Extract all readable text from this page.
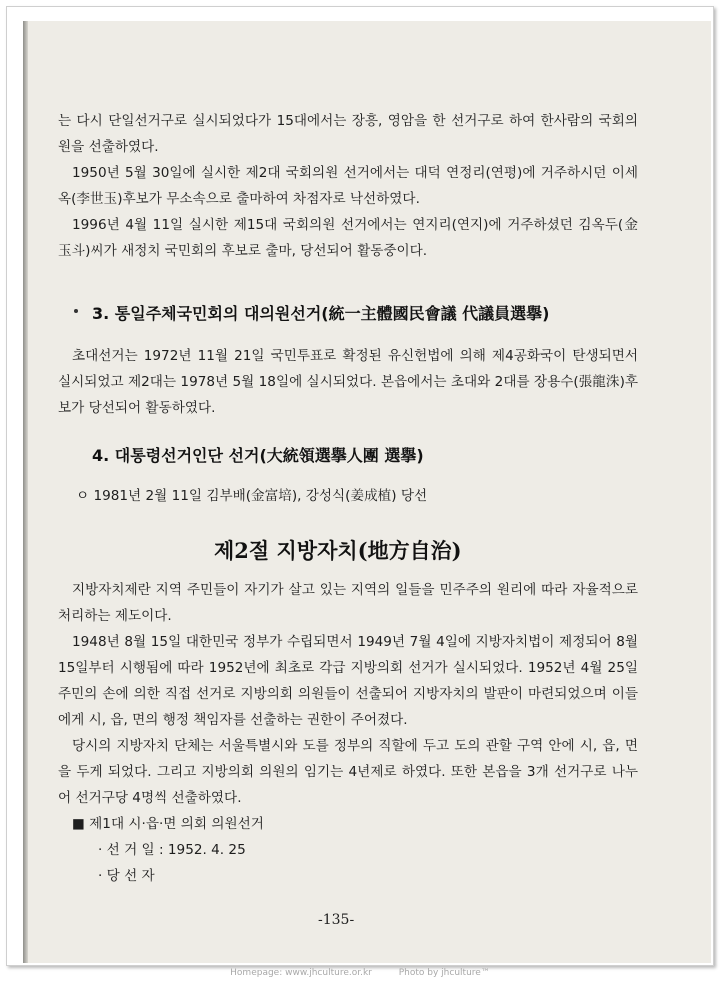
는 다시 단일선거구로 실시되었다가 15대에서는 장흥, 영암을 한 선거구로 하여 한사람의 국회의원을 선출하였다.

1950년 5월 30일에 실시한 제2대 국회의원 선거에서는 대덕 연정리(연평)에 거주하시던 이세옥(李世玉)후보가 무소속으로 출마하여 차점자로 낙선하였다.

1996년 4월 11일 실시한 제15대 국회의원 선거에서는 연지리(연지)에 거주하셨던 김옥두(金玉斗)씨가 새정치 국민회의 후보로 출마, 당선되어 활동중이다.

3. 통일주체국민회의 대의원선거(統一主體國民會議 代議員選擧)

초대선거는 1972년 11월 21일 국민투표로 확정된 유신헌법에 의해 제4공화국이 탄생되면서 실시되었고 제2대는 1978년 5월 18일에 실시되었다. 본읍에서는 초대와 2대를 장용수(張龍洙)후보가 당선되어 활동하였다.

4. 대통령선거인단 선거(大統領選擧人團 選擧)

ㅇ 1981년 2월 11일 김부배(金富培), 강성식(姜成植) 당선

제2절 지방자치(地方自治)

지방자치제란 지역 주민들이 자기가 살고 있는 지역의 일들을 민주주의 원리에 따라 자율적으로 처리하는 제도이다.

1948년 8월 15일 대한민국 정부가 수립되면서 1949년 7월 4일에 지방자치법이 제정되어 8월 15일부터 시행됨에 따라 1952년에 최초로 각급 지방의회 선거가 실시되었다. 1952년 4월 25일 주민의 손에 의한 직접 선거로 지방의회 의원들이 선출되어 지방자치의 발판이 마련되었으며 이들에게 시, 읍, 면의 행정 책임자를 선출하는 권한이 주어졌다.

당시의 지방자치 단체는 서울특별시와 도를 정부의 직할에 두고 도의 관할 구역 안에 시, 읍, 면을 두게 되었다. 그리고 지방의회 의원의 임기는 4년제로 하였다. 또한 본읍을 3개 선거구로 나누어 선거구당 4명씩 선출하였다.

■ 제1대 시·읍·면 의회 의원선거

· 선 거 일 : 1952. 4. 25

· 당 선 자

-135-
Homepage: www.jhculture.or.kr	Photo by jhculture™
